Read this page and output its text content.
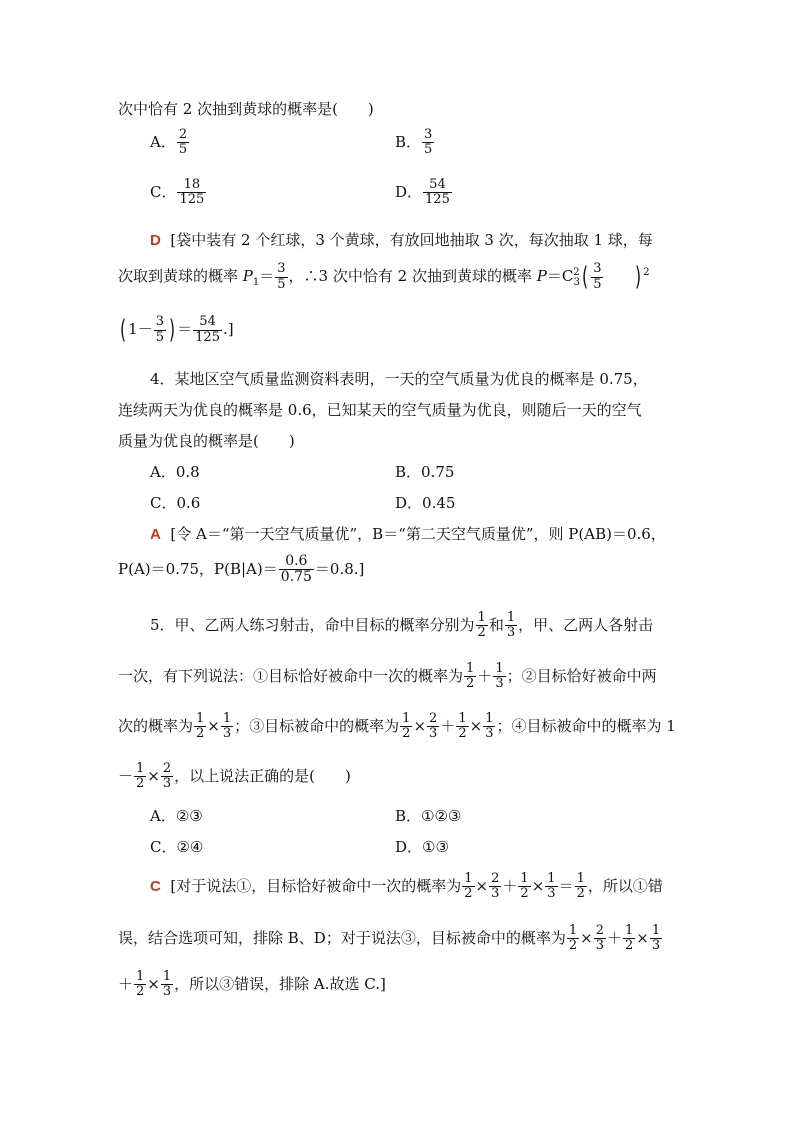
次中恰有 2 次抽到黄球的概率是(　　)
A． $\frac{2}{5}$	B． $\frac{3}{5}$
C． $\frac{18}{125}$	D． $\frac{54}{125}$
D [袋中装有 2 个红球，3 个黄球，有放回地抽取 3 次，每次抽取 1 球，每
次取到黄球的概率 $P_1= \frac{3}{5}$ ，∴3 次中恰有 2 次抽到黄球的概率 $P=C^2_3( \frac{3}{5}$ ) $^2$
( $1- \frac{3}{5}$ ) ＝ $\frac{54}{125}$ .]
4．某地区空气质量监测资料表明，一天的空气质量为优良的概率是 0.75，
连续两天为优良的概率是 0.6，已知某天的空气质量为优良，则随后一天的空气
质量为优良的概率是(　　)
A．0.8	B．0.75
C．0.6	D．0.45
A [令 A＝“第一天空气质量优”，B＝“第二天空气质量优”，则 P(AB)＝0.6，
P(A)＝0.75，$P(B|A)= \frac{0.6}{0.75} =0.8$.]
5．甲、乙两人练习射击，命中目标的概率分别为 $\frac{1}{2}$ 和 $\frac{1}{3}$ ，甲、乙两人各射击
一次，有下列说法：①目标恰好被命中一次的概率为 $\frac{1}{2} + \frac{1}{3}$ ；②目标恰好被命中两
次的概率为 $\frac{1}{2} \times \frac{1}{3}$ ；③目标被命中的概率为 $\frac{1}{2} \times \frac{2}{3} + \frac{1}{2} \times \frac{1}{3}$ ；④目标被命中的概率为 1
－ $\frac{1}{2} \times \frac{2}{3}$ ，以上说法正确的是(　　)
A．②③	B．①②③
C．②④	D．①③
C [对于说法①，目标恰好被命中一次的概率为 $\frac{1}{2} \times \frac{2}{3} + \frac{1}{2} \times \frac{1}{3} = \frac{1}{2}$ ，所以①错
误，结合选项可知，排除 B、D；对于说法③，目标被命中的概率为 $\frac{1}{2} \times \frac{2}{3} + \frac{1}{2} \times \frac{1}{3}$
＋ $\frac{1}{2} \times \frac{1}{3}$ ，所以③错误，排除 A.故选 C.]
